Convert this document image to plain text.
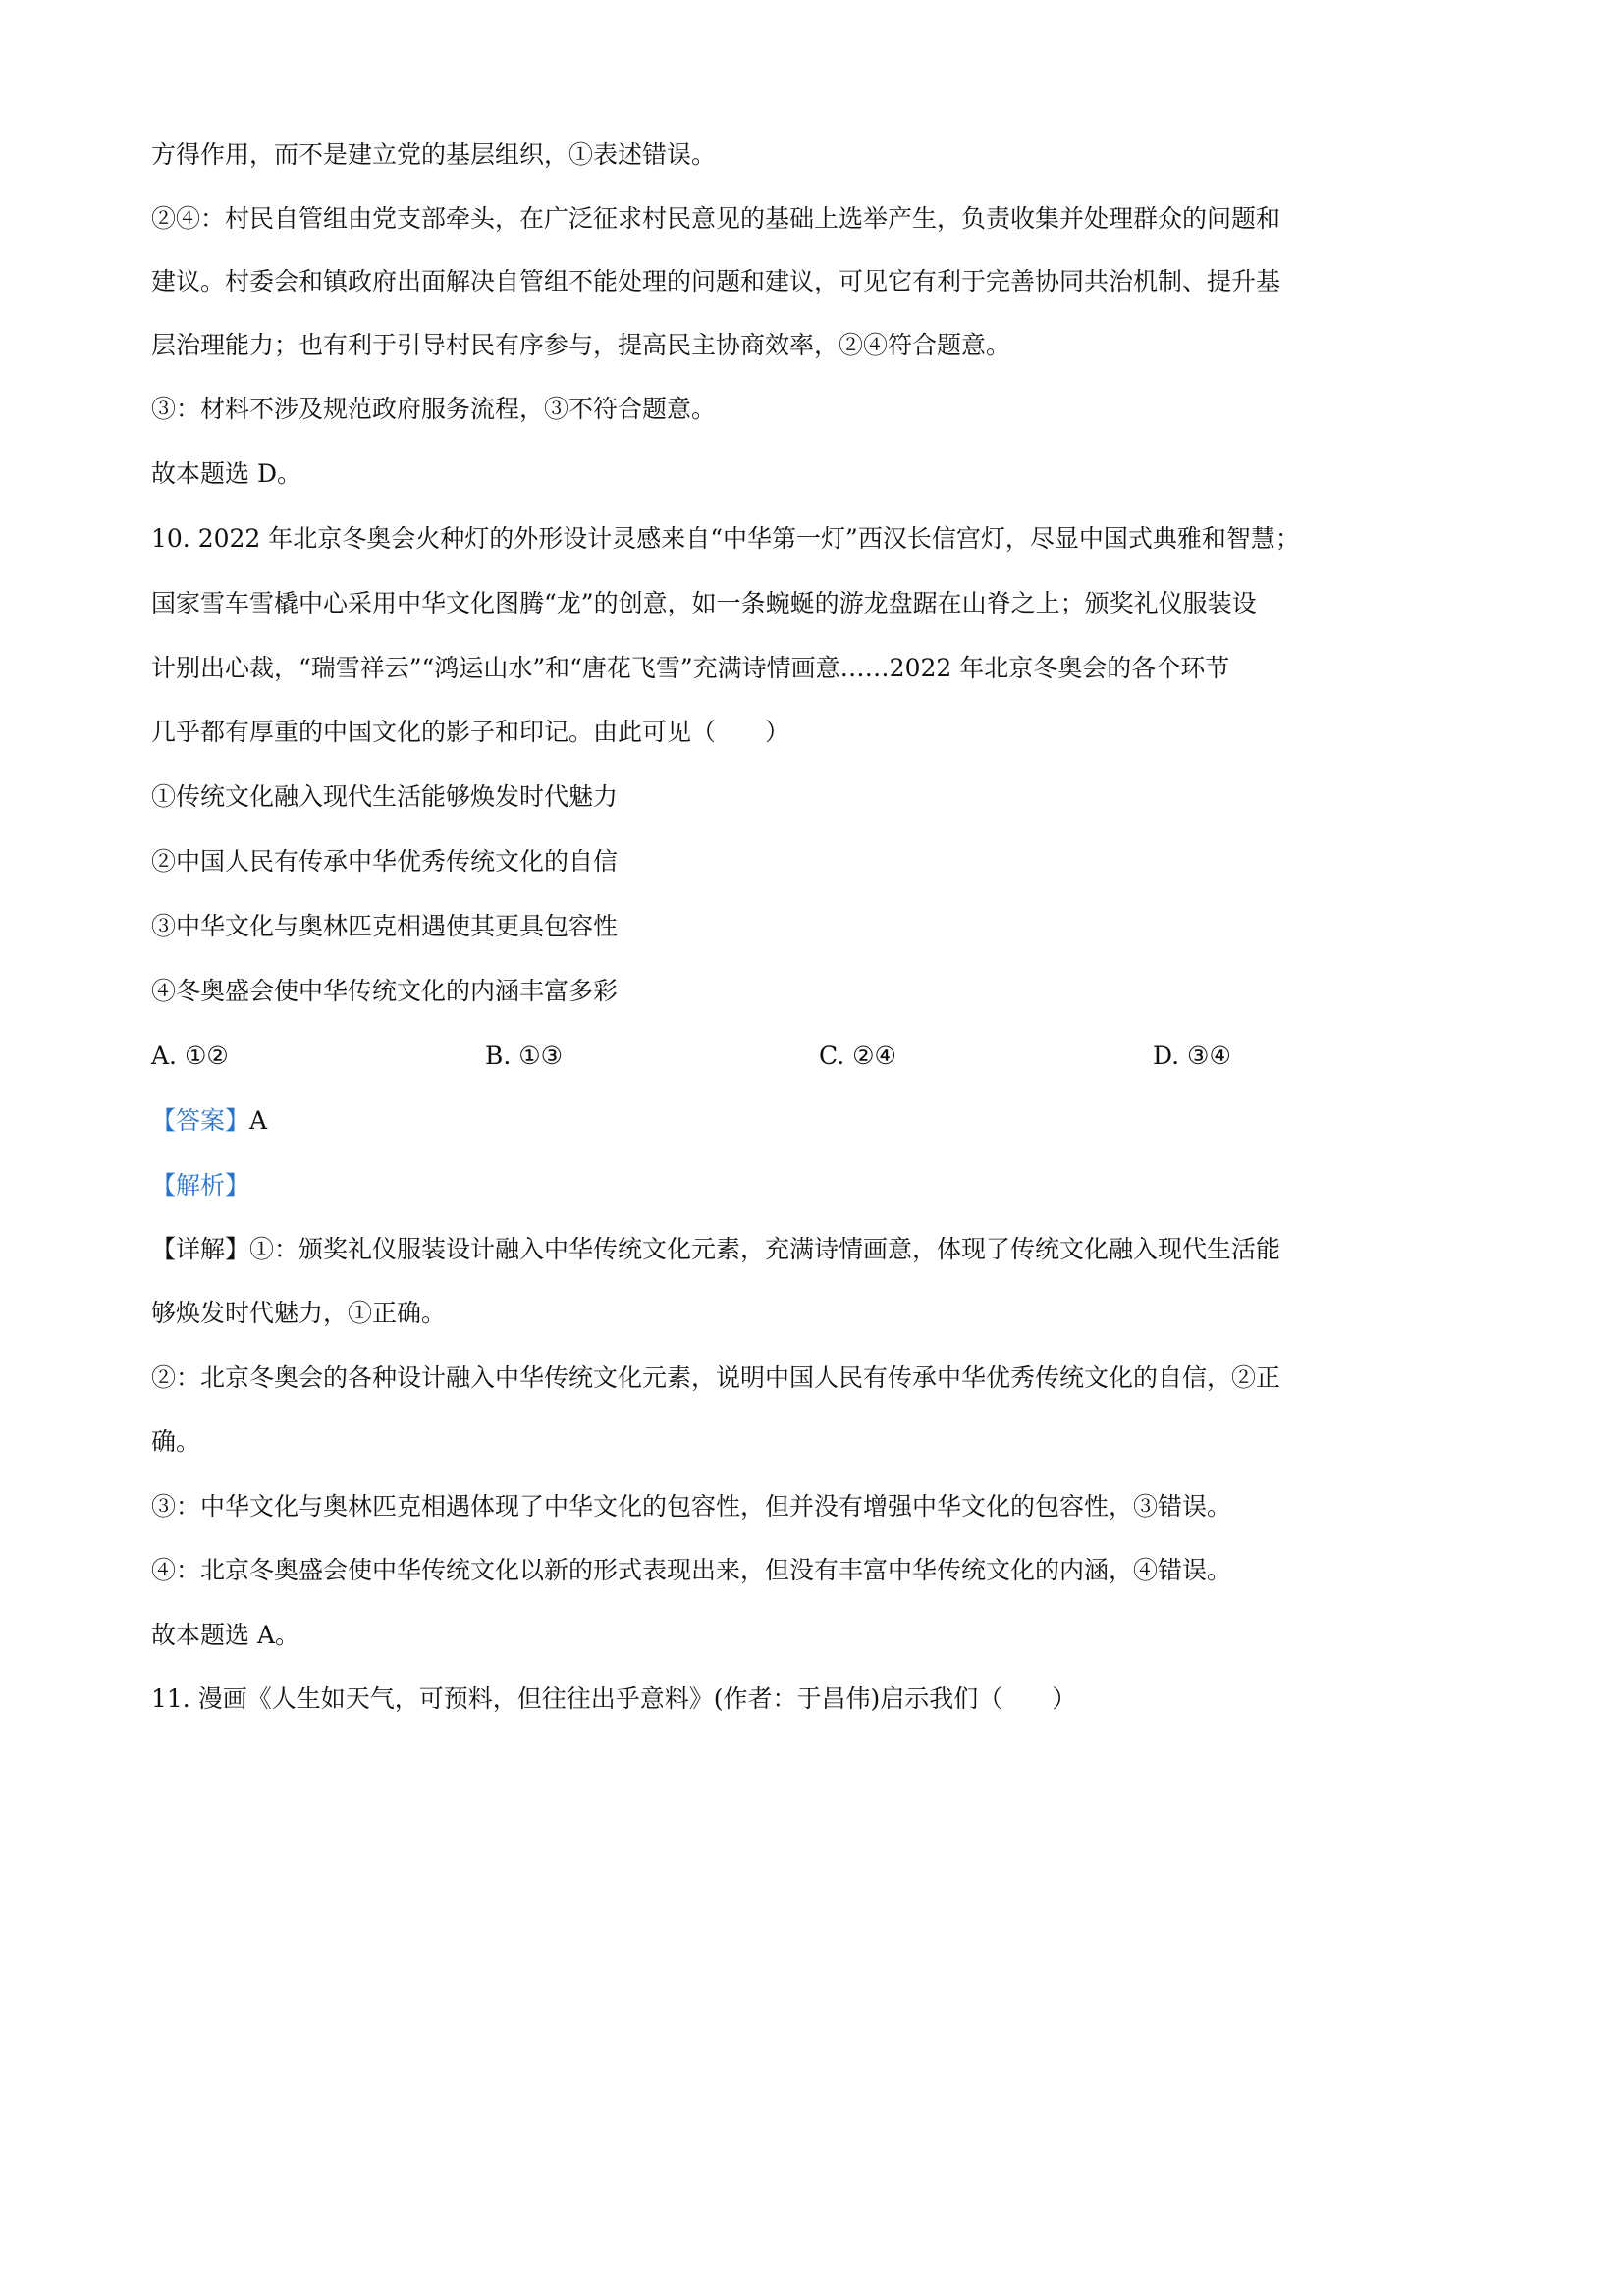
方得作用，而不是建立党的基层组织，①表述错误。
②④：村民自管组由党支部牵头，在广泛征求村民意见的基础上选举产生，负责收集并处理群众的问题和
建议。村委会和镇政府出面解决自管组不能处理的问题和建议，可见它有利于完善协同共治机制、提升基
层治理能力；也有利于引导村民有序参与，提高民主协商效率，②④符合题意。
③：材料不涉及规范政府服务流程，③不符合题意。
故本题选 D。
10. 2022 年北京冬奥会火种灯的外形设计灵感来自“中华第一灯”西汉长信宫灯，尽显中国式典雅和智慧；
国家雪车雪橇中心采用中华文化图腾“龙”的创意，如一条蜿蜒的游龙盘踞在山脊之上；颁奖礼仪服装设
计别出心裁，“瑞雪祥云”“鸿运山水”和“唐花飞雪”充满诗情画意……2022 年北京冬奥会的各个环节
几乎都有厚重的中国文化的影子和印记。由此可见（　　）
①传统文化融入现代生活能够焕发时代魅力
②中国人民有传承中华优秀传统文化的自信
③中华文化与奥林匹克相遇使其更具包容性
④冬奥盛会使中华传统文化的内涵丰富多彩
A. ①②	B. ①③	C. ②④	D. ③④
【答案】A
【解析】
【详解】①：颁奖礼仪服装设计融入中华传统文化元素，充满诗情画意，体现了传统文化融入现代生活能
够焕发时代魅力，①正确。
②：北京冬奥会的各种设计融入中华传统文化元素，说明中国人民有传承中华优秀传统文化的自信，②正
确。
③：中华文化与奥林匹克相遇体现了中华文化的包容性，但并没有增强中华文化的包容性，③错误。
④：北京冬奥盛会使中华传统文化以新的形式表现出来，但没有丰富中华传统文化的内涵，④错误。
故本题选 A。
11. 漫画《人生如天气，可预料，但往往出乎意料》(作者：于昌伟)启示我们（　　）
